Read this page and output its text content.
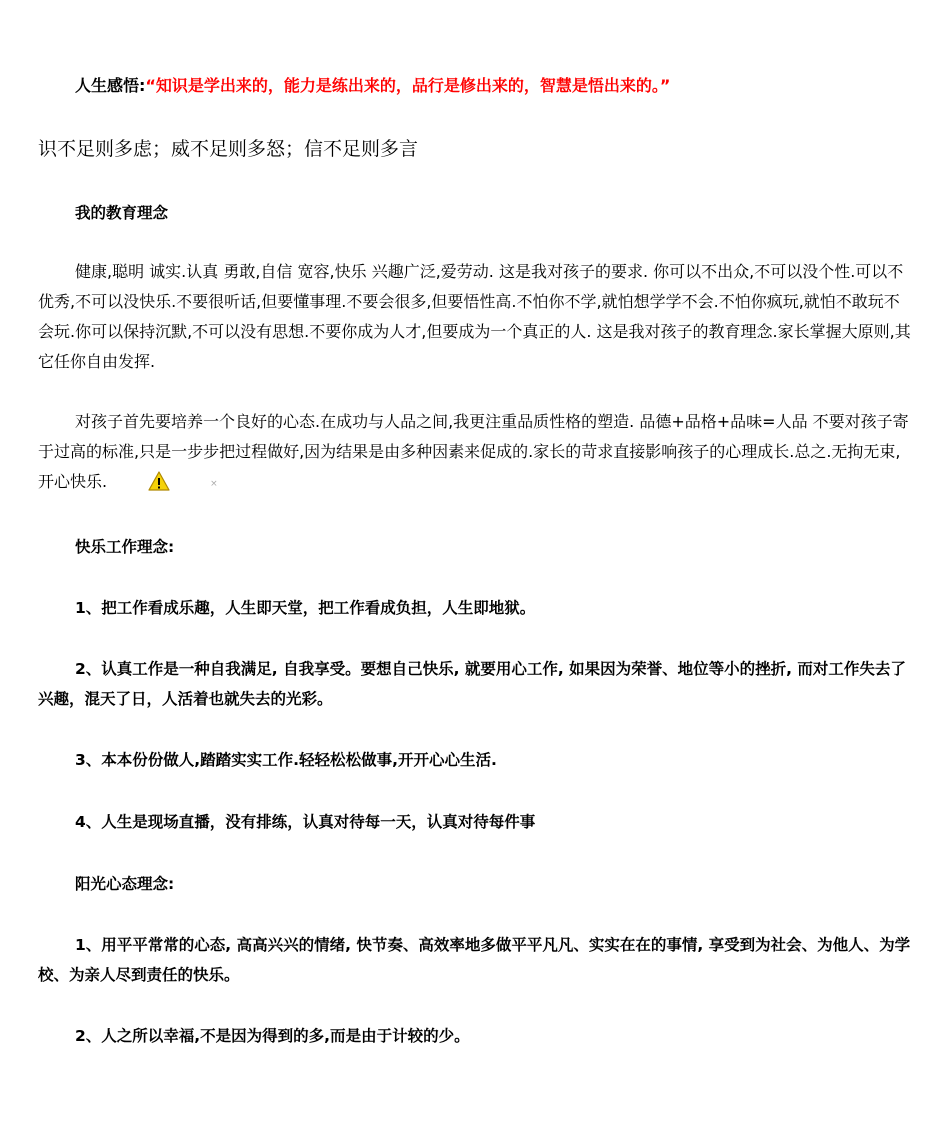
人生感悟:“知识是学出来的，能力是练出来的，品行是修出来的，智慧是悟出来的。”

识不足则多虑；威不足则多怒；信不足则多言

我的教育理念

健康,聪明 诚实.认真 勇敢,自信 宽容,快乐 兴趣广泛,爱劳动. 这是我对孩子的要求. 你可以不出众,不可以没个性.可以不优秀,不可以没快乐.不要很听话,但要懂事理.不要会很多,但要悟性高.不怕你不学,就怕想学学不会.不怕你疯玩,就怕不敢玩不会玩.你可以保持沉默,不可以没有思想.不要你成为人才,但要成为一个真正的人. 这是我对孩子的教育理念.家长掌握大原则,其它任你自由发挥.

对孩子首先要培养一个良好的心态.在成功与人品之间,我更注重品质性格的塑造. 品德+品格+品味=人品 不要对孩子寄于过高的标准,只是一步步把过程做好,因为结果是由多种因素来促成的.家长的苛求直接影响孩子的心理成长.总之.无拘无束,开心快乐.	×

快乐工作理念:

1、把工作看成乐趣，人生即天堂，把工作看成负担，人生即地狱。

2、认真工作是一种自我满足, 自我享受。要想自己快乐, 就要用心工作, 如果因为荣誉、地位等小的挫折, 而对工作失去了兴趣，混天了日，人活着也就失去的光彩。

3、本本份份做人,踏踏实实工作.轻轻松松做事,开开心心生活.

4、人生是现场直播，没有排练，认真对待每一天，认真对待每件事

阳光心态理念:

1、用平平常常的心态, 高高兴兴的情绪, 快节奏、高效率地多做平平凡凡、实实在在的事情, 享受到为社会、为他人、为学校、为亲人尽到责任的快乐。

2、人之所以幸福,不是因为得到的多,而是由于计较的少。
